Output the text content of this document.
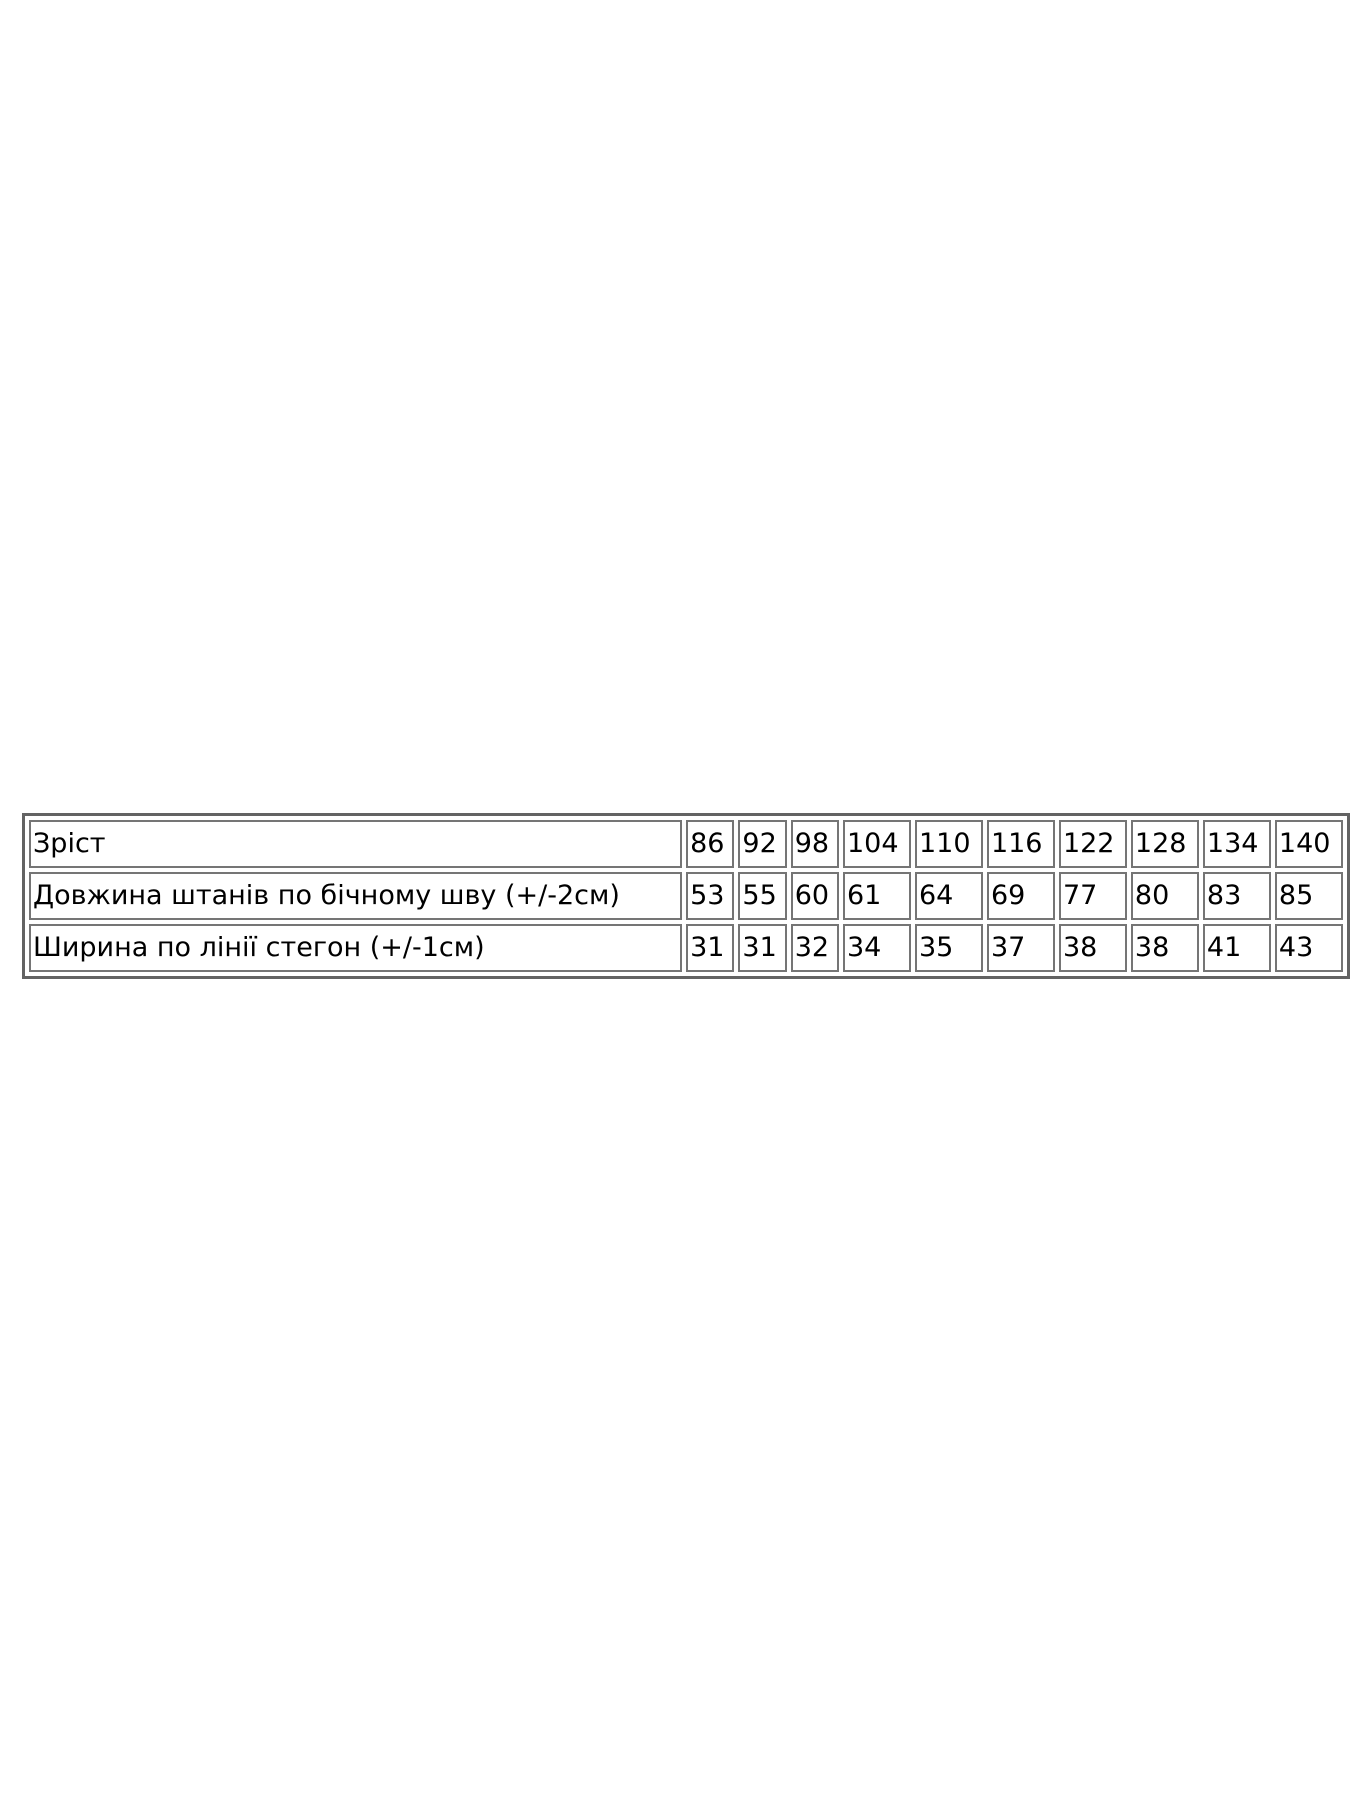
Зріст	86	92	98	104	110	116	122	128	134	140
Довжина штанів по бічному шву (+/-2см)	53	55	60	61	64	69	77	80	83	85
Ширина по лінії стегон (+/-1см)	31	31	32	34	35	37	38	38	41	43
